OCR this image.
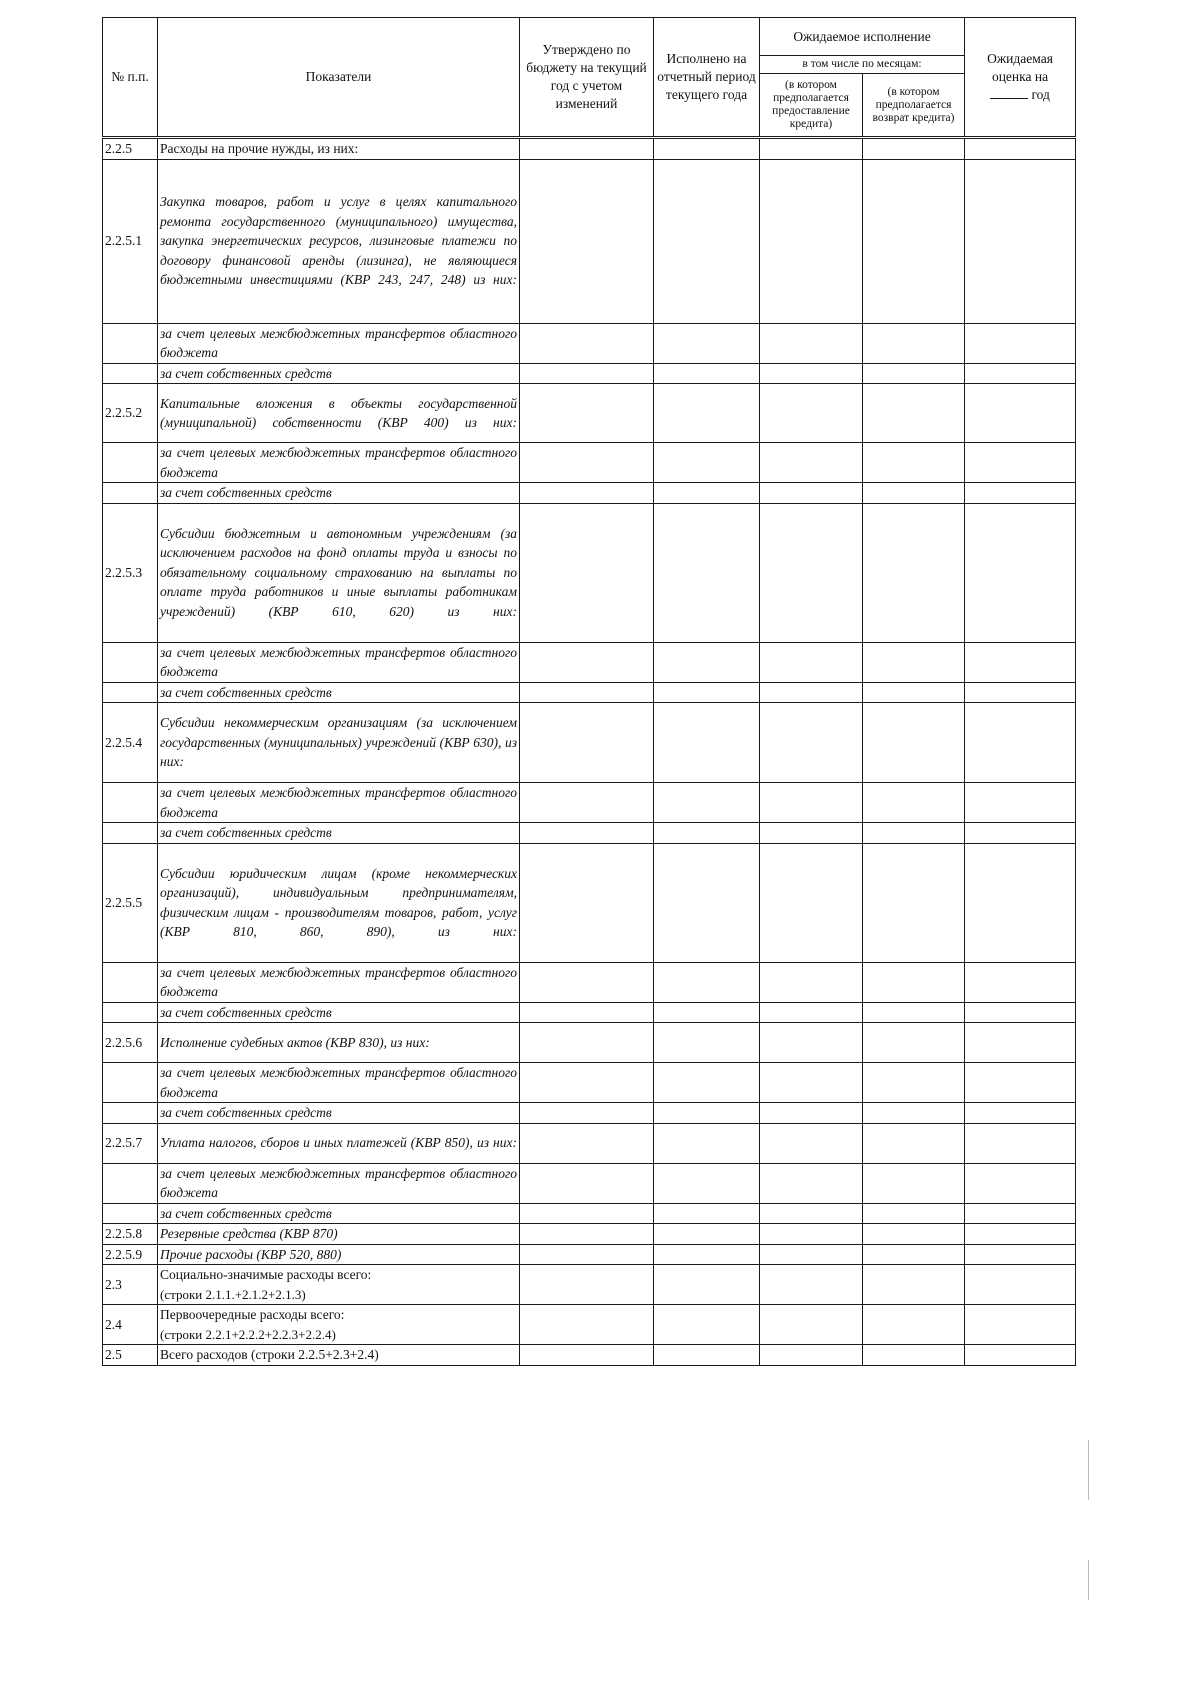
№ п.п.	Показатели	Утверждено по бюджету на текущий год с учетом изменений	Исполнено на отчетный период текущего года	Ожидаемое исполнение		Ожидаемая оценка на
год
				в том числе по месяцам:		
				(в котором предполагается предоставление кредита)	(в котором предполагается возврат кредита)	
2.2.5	Расходы на прочие нужды, из них:					
2.2.5.1	Закупка товаров, работ и услуг в целях капитального ремонта государственного (муниципального) имущества, закупка энергетических ресурсов, лизинговые платежи по договору финансовой аренды (лизинга), не являющиеся бюджетными инвестициями (КВР 243, 247, 248) из них:					
	за счет целевых межбюджетных трансфертов областного бюджета					
	за счет собственных средств					
2.2.5.2	Капитальные вложения в объекты государственной (муниципальной) собственности (КВР 400) из них:					
	за счет целевых межбюджетных трансфертов областного бюджета					
	за счет собственных средств					
2.2.5.3	Субсидии бюджетным и автономным учреждениям (за исключением расходов на фонд оплаты труда и взносы по обязательному социальному страхованию на выплаты по оплате труда работников и иные выплаты работникам учреждений) (КВР 610, 620) из них:					
	за счет целевых межбюджетных трансфертов областного бюджета					
	за счет собственных средств					
2.2.5.4	Субсидии некоммерческим организациям (за исключением государственных (муниципальных) учреждений (КВР 630), из них:					
	за счет целевых межбюджетных трансфертов областного бюджета					
	за счет собственных средств					
2.2.5.5	Субсидии юридическим лицам (кроме некоммерческих организаций), индивидуальным предпринимателям, физическим лицам - производителям товаров, работ, услуг (КВР 810, 860, 890), из них:					
	за счет целевых межбюджетных трансфертов областного бюджета					
	за счет собственных средств					
2.2.5.6	Исполнение судебных актов (КВР 830), из них:					
	за счет целевых межбюджетных трансфертов областного бюджета					
	за счет собственных средств					
2.2.5.7	Уплата налогов, сборов и иных платежей (КВР 850), из них:					
	за счет целевых межбюджетных трансфертов областного бюджета					
	за счет собственных средств					
2.2.5.8	Резервные средства (КВР 870)					
2.2.5.9	Прочие расходы (КВР 520, 880)					
2.3	Социально-значимые расходы всего:
(строки 2.1.1.+2.1.2+2.1.3)					

2.4	Первоочередные расходы всего:
(строки 2.2.1+2.2.2+2.2.3+2.2.4)					

2.5	Всего расходов (строки 2.2.5+2.3+2.4)					
